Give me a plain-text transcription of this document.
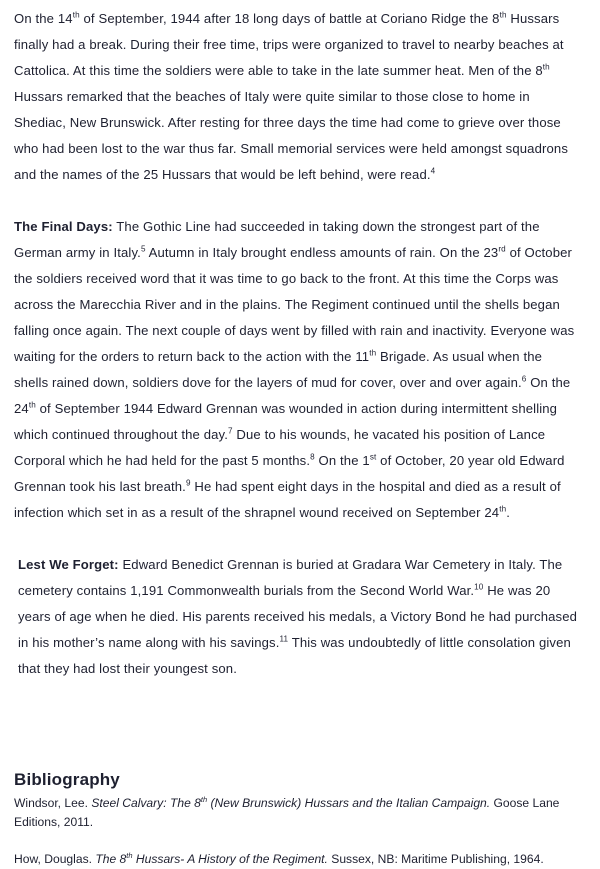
On the 14th of September, 1944 after 18 long days of battle at Coriano Ridge the 8th Hussars finally had a break. During their free time, trips were organized to travel to nearby beaches at Cattolica. At this time the soldiers were able to take in the late summer heat. Men of the 8th Hussars remarked that the beaches of Italy were quite similar to those close to home in Shediac, New Brunswick. After resting for three days the time had come to grieve over those who had been lost to the war thus far. Small memorial services were held amongst squadrons and the names of the 25 Hussars that would be left behind, were read.$^4$

The Final Days: The Gothic Line had succeeded in taking down the strongest part of the German army in Italy.$^5$ Autumn in Italy brought endless amounts of rain. On the 23rd of October the soldiers received word that it was time to go back to the front. At this time the Corps was across the Marecchia River and in the plains. The Regiment continued until the shells began falling once again. The next couple of days went by filled with rain and inactivity. Everyone was waiting for the orders to return back to the action with the 11th Brigade. As usual when the shells rained down, soldiers dove for the layers of mud for cover, over and over again.$^6$ On the 24th of September 1944 Edward Grennan was wounded in action during intermittent shelling which continued throughout the day.$^7$ Due to his wounds, he vacated his position of Lance Corporal which he had held for the past 5 months.$^8$ On the 1st of October, 20 year old Edward Grennan took his last breath.$^9$ He had spent eight days in the hospital and died as a result of infection which set in as a result of the shrapnel wound received on September 24th.

Lest We Forget: Edward Benedict Grennan is buried at Gradara War Cemetery in Italy. The cemetery contains 1,191 Commonwealth burials from the Second World War.$^{10}$ He was 20 years of age when he died. His parents received his medals, a Victory Bond he had purchased in his mother’s name along with his savings.$^{11}$ This was undoubtedly of little consolation given that they had lost their youngest son.

Bibliography

Windsor, Lee. Steel Calvary: The 8th (New Brunswick) Hussars and the Italian Campaign. Goose Lane Editions, 2011.

How, Douglas. The 8th Hussars- A History of the Regiment. Sussex, NB: Maritime Publishing, 1964.
